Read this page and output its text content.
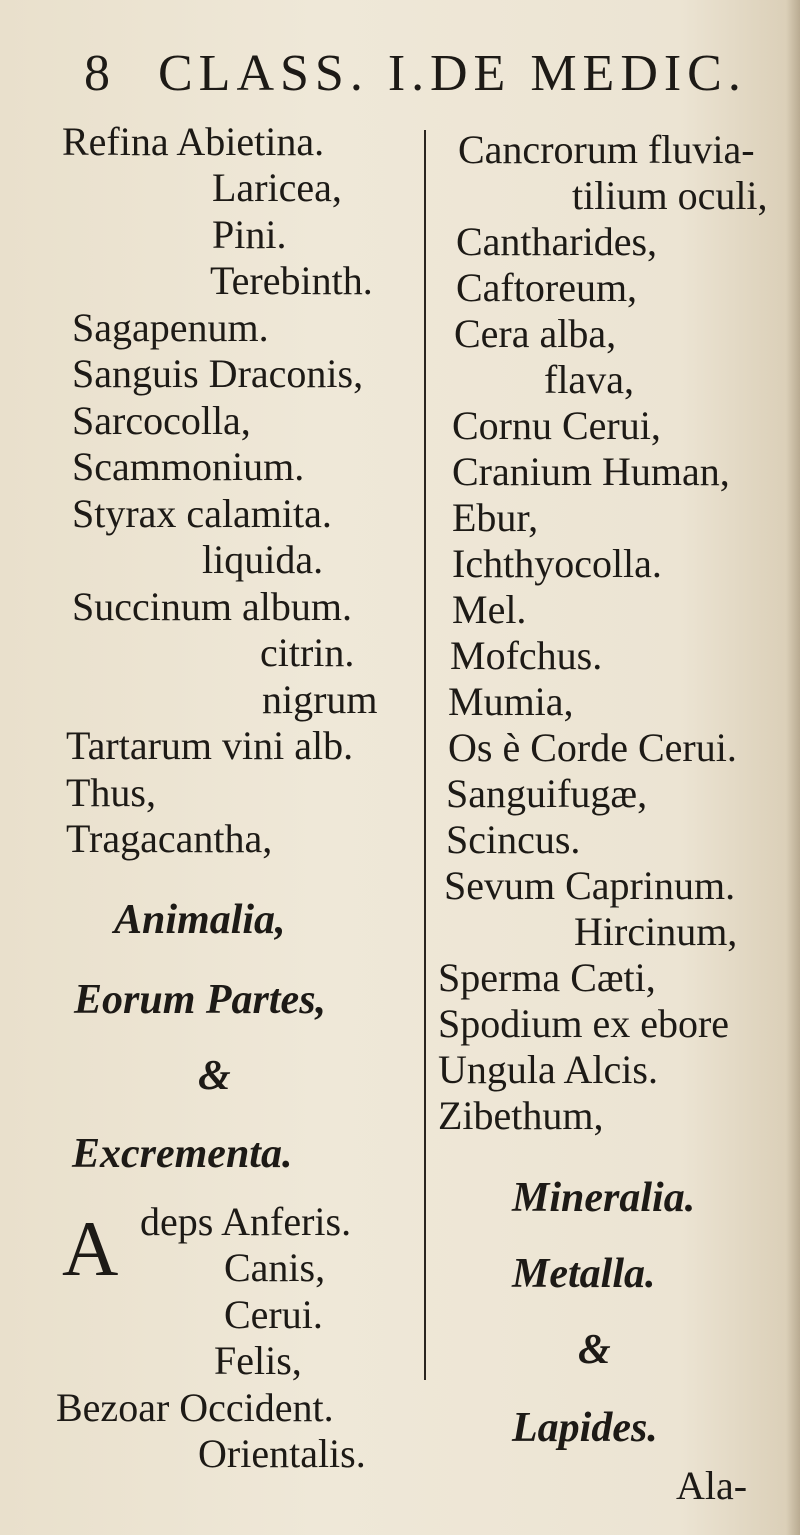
8 CLASS. I. DE MEDIC.
Refina Abietina.
Laricea,
Pini.
Terebinth.
Sagapenum.
Sanguis Draconis,
Sarcocolla,
Scammonium.
Styrax calamita.
liquida.
Succinum album.
citrin.
nigrum
Tartarum vini alb.
Thus,
Tragacantha,
Animalia,
Eorum Partes,
&
Excrementa.
A deps Anferis.
Canis,
Cerui.
Felis,
Bezoar Occident.
Orientalis.
Cancrorum fluvia-
tilium oculi,
Cantharides,
Caftoreum,
Cera alba,
flava,
Cornu Cerui,
Cranium Human,
Ebur,
Ichthyocolla.
Mel.
Mofchus.
Mumia,
Os è Corde Cerui.
Sanguifugæ,
Scincus.
Sevum Caprinum.
Hircinum,
Sperma Cæti,
Spodium ex ebore
Ungula Alcis.
Zibethum,
Mineralia.
Metalla.
&
Lapides.
Ala-
